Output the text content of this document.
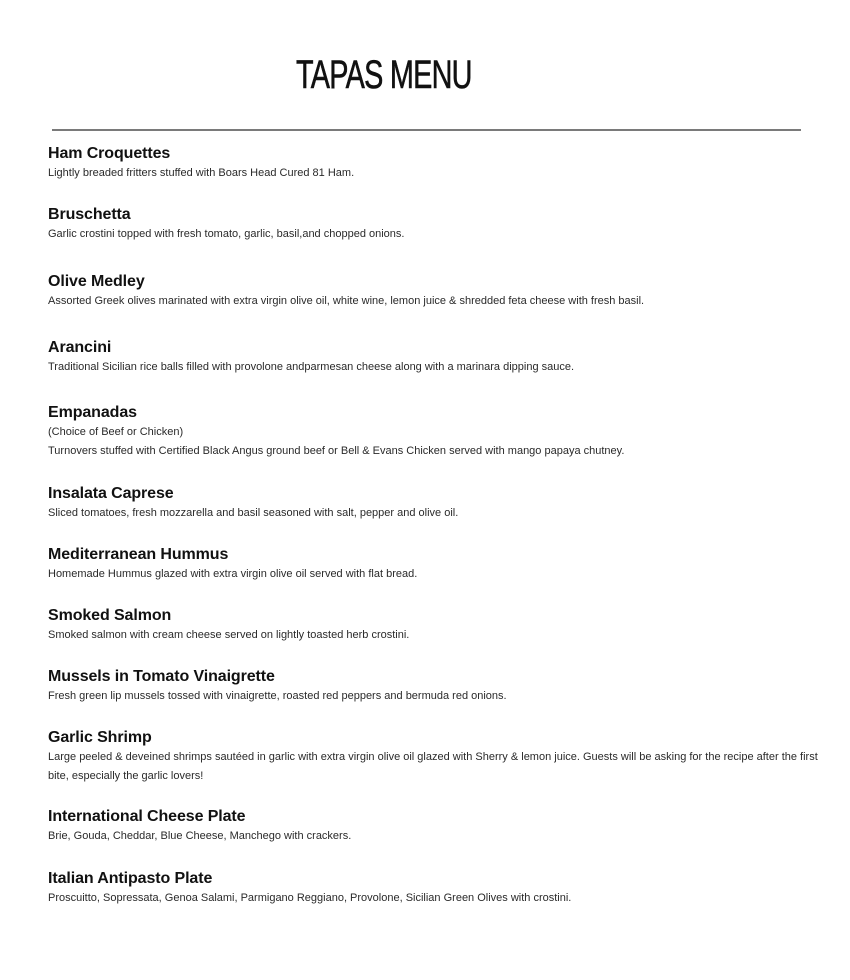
TAPAS MENU
Ham Croquettes
Lightly breaded fritters stuffed with Boars Head Cured 81 Ham.
Bruschetta
Garlic crostini topped with fresh tomato, garlic, basil,and chopped onions.
Olive Medley
Assorted Greek olives marinated with extra virgin olive oil, white wine, lemon juice & shredded feta cheese with fresh basil.
Arancini
Traditional Sicilian rice balls filled with provolone andparmesan cheese along with a marinara dipping sauce.
Empanadas
(Choice of Beef or Chicken)
Turnovers stuffed with Certified Black Angus ground beef or Bell & Evans Chicken served with mango papaya chutney.
Insalata Caprese
Sliced tomatoes, fresh mozzarella and basil seasoned with salt, pepper and olive oil.
Mediterranean Hummus
Homemade Hummus glazed with extra virgin olive oil served with flat bread.
Smoked Salmon
Smoked salmon with cream cheese served on lightly toasted herb crostini.
Mussels in Tomato Vinaigrette
Fresh green lip mussels tossed with vinaigrette, roasted red peppers and bermuda red onions.
Garlic Shrimp
Large peeled & deveined shrimps sautéed in garlic with extra virgin olive oil glazed with Sherry & lemon juice. Guests will be asking for the recipe after the first bite, especially the garlic lovers!
International Cheese Plate
Brie, Gouda, Cheddar, Blue Cheese, Manchego with crackers.
Italian Antipasto Plate
Proscuitto, Sopressata, Genoa Salami, Parmigano Reggiano, Provolone, Sicilian Green Olives with crostini.
